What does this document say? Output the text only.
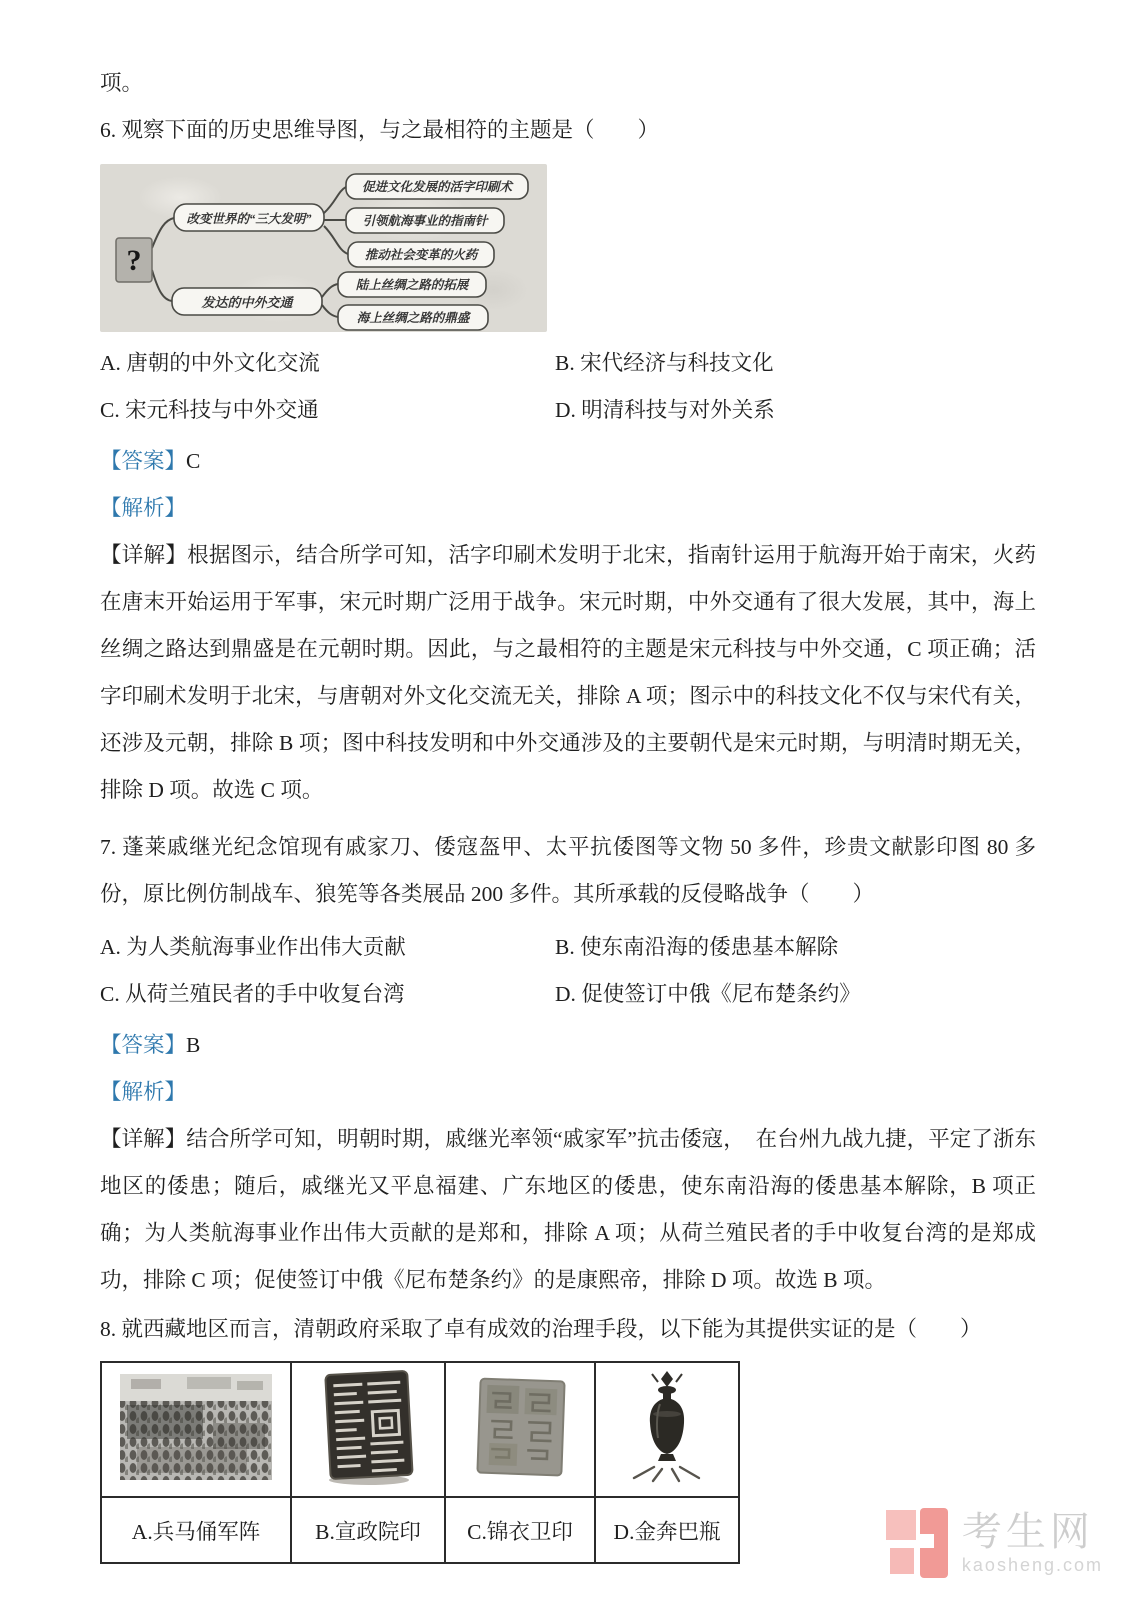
项。

6. 观察下面的历史思维导图，与之最相符的主题是（　　）

?
改变世界的“三大发明”
促进文化发展的活字印刷术
引领航海事业的指南针
推动社会变革的火药
发达的中外交通
陆上丝绸之路的拓展
海上丝绸之路的鼎盛
A. 唐朝的中外文化交流	B. 宋代经济与科技文化
C. 宋元科技与中外交通	D. 明清科技与对外关系

【答案】C

【解析】

【详解】根据图示，结合所学可知，活字印刷术发明于北宋，指南针运用于航海开始于南宋，火药在唐末开始运用于军事，宋元时期广泛用于战争。宋元时期，中外交通有了很大发展，其中，海上丝绸之路达到鼎盛是在元朝时期。因此，与之最相符的主题是宋元科技与中外交通，C 项正确；活字印刷术发明于北宋，与唐朝对外文化交流无关，排除 A 项；图示中的科技文化不仅与宋代有关，还涉及元朝，排除 B 项；图中科技发明和中外交通涉及的主要朝代是宋元时期，与明清时期无关，排除 D 项。故选 C 项。

7. 蓬莱戚继光纪念馆现有戚家刀、倭寇盔甲、太平抗倭图等文物 50 多件，珍贵文献影印图 80 多份，原比例仿制战车、狼筅等各类展品 200 多件。其所承载的反侵略战争（　　）

A. 为人类航海事业作出伟大贡献	B. 使东南沿海的倭患基本解除
C. 从荷兰殖民者的手中收复台湾	D. 促使签订中俄《尼布楚条约》

【答案】B

【解析】

【详解】结合所学可知，明朝时期，戚继光率领“戚家军”抗击倭寇，　在台州九战九捷，平定了浙东地区的倭患；随后，戚继光又平息福建、广东地区的倭患，使东南沿海的倭患基本解除，B 项正确；为人类航海事业作出伟大贡献的是郑和，排除 A 项；从荷兰殖民者的手中收复台湾的是郑成功，排除 C 项；促使签订中俄《尼布楚条约》的是康熙帝，排除 D 项。故选 B 项。

8. 就西藏地区而言，清朝政府采取了卓有成效的治理手段，以下能为其提供实证的是（　　）

A.兵马俑军阵	B.宣政院印	C.锦衣卫印	D.金奔巴瓶	考生网
kaosheng.com
